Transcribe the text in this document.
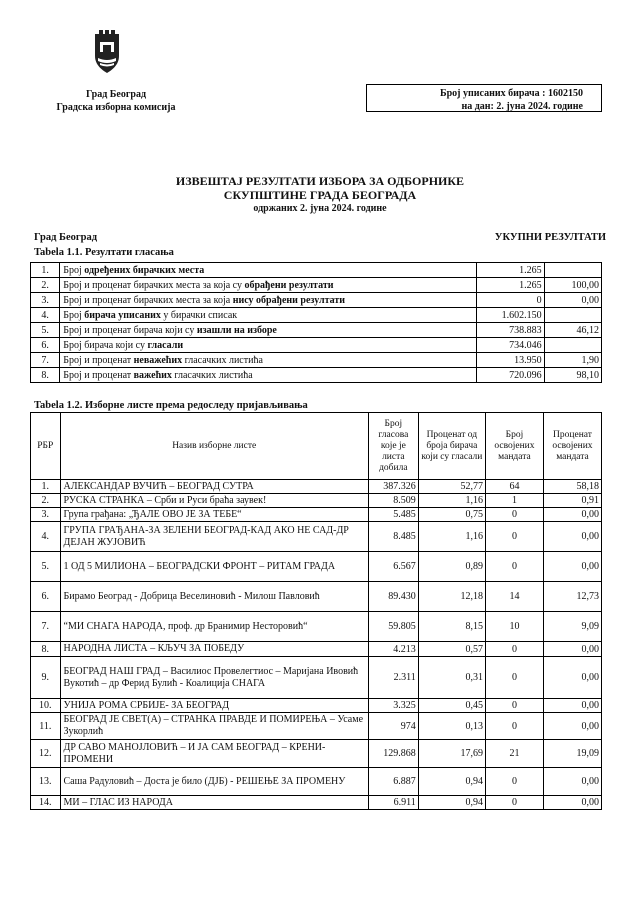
Град Београд
Градска изборна комисија
Број уписаних бирача : 1602150
на дан: 2. јуна 2024. године
ИЗВЕШТАЈ РЕЗУЛТАТИ ИЗБОРА ЗА ОДБОРНИКЕ
СКУПШТИНЕ ГРАДА БЕОГРАДА
одржаних 2. јуна 2024. године
Град Београд	УКУПНИ РЕЗУЛТАТИ
Tabela 1.1. Резултати гласања
1.	Број одређених бирачких места	1.265	
2.	Број и проценат бирачких места за која су обрађени резултати	1.265	100,00
3.	Број и проценат бирачких места за која нису обрађени резултати	0	0,00
4.	Број бирача уписаних у бирачки списак	1.602.150	
5.	Број и проценат бирача који су изашли на изборе	738.883	46,12
6.	Број бирача који су гласали	734.046	
7.	Број и проценат неважећих гласачких листића	13.950	1,90
8.	Број и проценат важећих гласачких листића	720.096	98,10
Tabela 1.2. Изборне листе према редоследу пријављивања
РБР	Назив изборне листе	Број гласова које је листа добила	Проценат од броја бирача који су гласали	Број освојених мандата	Проценат освојених мандата
1.	АЛЕКСАНДАР ВУЧИЋ – БЕОГРАД СУТРА	387.326	52,77	64	58,18
2.	РУСКА СТРАНКА – Срби и Руси браћа заувек!	8.509	1,16	1	0,91
3.	Група грађана: „ЂАЛЕ ОВО ЈЕ ЗА ТЕБЕ“	5.485	0,75	0	0,00
4.	ГРУПА ГРАЂАНА-ЗА ЗЕЛЕНИ БЕОГРАД-КАД АКО НЕ САД-ДР ДЕЈАН ЖУЈОВИЋ	8.485	1,16	0	0,00
5.	1 ОД 5 МИЛИОНА – БЕОГРАДСКИ ФРОНТ – РИТАМ ГРАДА	6.567	0,89	0	0,00
6.	Бирамо Београд - Добрица Веселиновић - Милош Павловић	89.430	12,18	14	12,73
7.	“МИ СНАГА НАРОДА, проф. др Бранимир Несторовић“	59.805	8,15	10	9,09
8.	НАРОДНА ЛИСТА – КЉУЧ ЗА ПОБЕДУ	4.213	0,57	0	0,00
9.	БЕОГРАД НАШ ГРАД – Василиос Провелегтиос – Маријана Ивовић Вукотић – др Ферид Булић - Коалиција СНАГА	2.311	0,31	0	0,00
10.	УНИЈА РОМА СРБИЈЕ- ЗА БЕОГРАД	3.325	0,45	0	0,00
11.	БЕОГРАД ЈЕ СВЕТ(А) – СТРАНКА ПРАВДЕ И ПОМИРЕЊА – Усаме Зукорлић	974	0,13	0	0,00
12.	ДР САВО МАНОЈЛОВИЋ – И ЈА САМ БЕОГРАД – КРЕНИ-ПРОМЕНИ	129.868	17,69	21	19,09
13.	Саша Радуловић – Доста је било (ДЈБ) - РЕШЕЊЕ ЗА ПРОМЕНУ	6.887	0,94	0	0,00
14.	МИ – ГЛАС ИЗ НАРОДА	6.911	0,94	0	0,00
